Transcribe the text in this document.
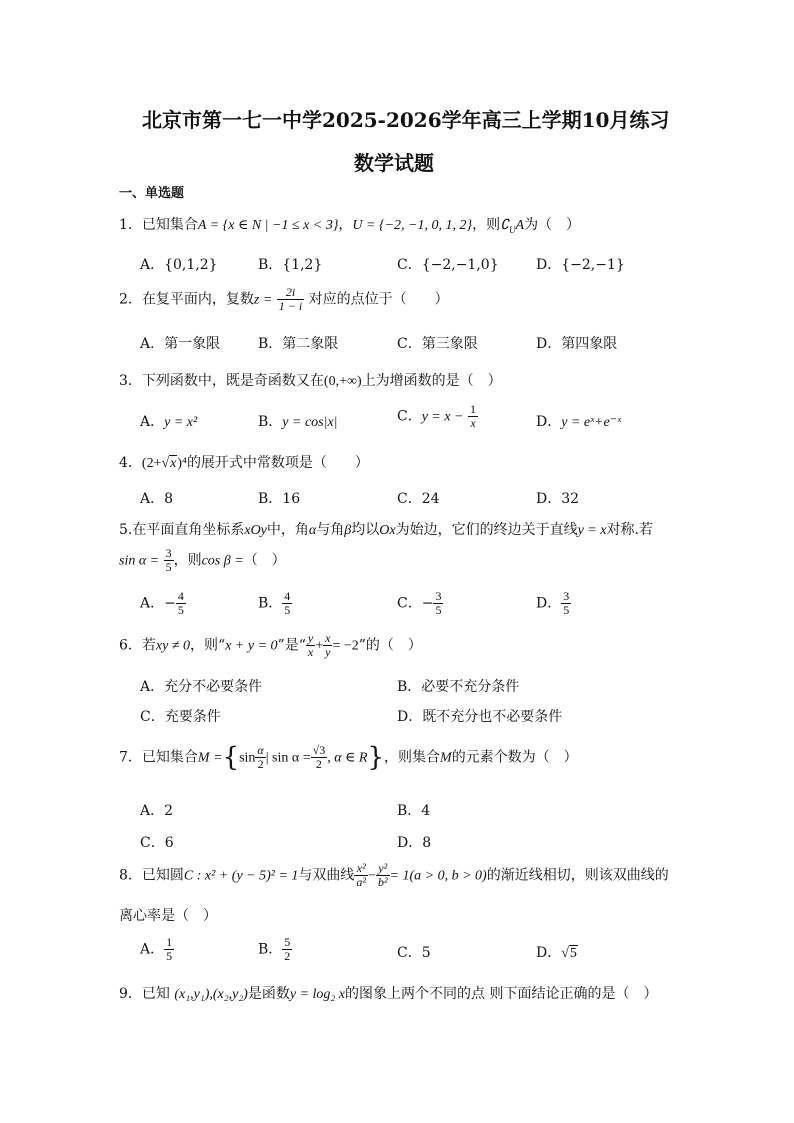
北京市第一七一中学2025-2026学年高三上学期10月练习
数学试题
一、单选题
1．已知集合A = {x ∈ N | −1 ≤ x < 3}，U = {−2, −1, 0, 1, 2}，则$∁_UA$为（　）
A．{0,1,2}	B．{1,2}	C．{−2,−1,0}	D．{−2,−1}
2．在复平面内，复数$z = \frac{2i}{1 - i}$ 对应的点位于（　　）
A．第一象限	B．第二象限	C．第三象限	D．第四象限
3．下列函数中，既是奇函数又在(0,+∞)上为增函数的是（　）
A．y = x²	B．y = cos|x|	C．$y = x - \frac{1}{x}$	D．y = eˣ+e⁻ˣ
4．(2+√x)⁴的展开式中常数项是（　　）
A．8	B．16	C．24	D．32
5.在平面直角坐标系xOy中，角α与角β均以Ox为始边，它们的终边关于直线y = x对称.若
$\sin \alpha = \frac{3}{5}$ ，则cos β =（　）
A．− $\frac{4}{5}$	B． $\frac{4}{5}$	C．− $\frac{3}{5}$	D． $\frac{3}{5}$
6．若xy ≠ 0，则“x + y = 0”是“ $\frac{y}{x} + \frac{x}{y} = -2$”的（　）
A．充分不必要条件	B．必要不充分条件
C．充要条件	D．既不充分也不必要条件
7．已知集合$M =\{\sin \frac{\alpha}{2}$ | $\sin \alpha = \frac{√3}{2}$ , α ∈ R}，则集合M的元素个数为（　）
A．2	B．4
C．6	D．8
8．已知圆C : x² + (y − 5)² = 1与双曲线 $\frac{\text{x²}}{\text{a²}} - \frac{\text{y²}}{\text{b²}} = 1(a > 0$, b > 0)的渐近线相切，则该双曲线的
离心率是（　）
A． $\frac{1}{5}$	B． $\frac{5}{2}$	C．5	D．√5
9．已知 (x₁,y₁),(x₂,y₂)是函数y = log₂ x的图象上两个不同的点 则下面结论正确的是（　）
